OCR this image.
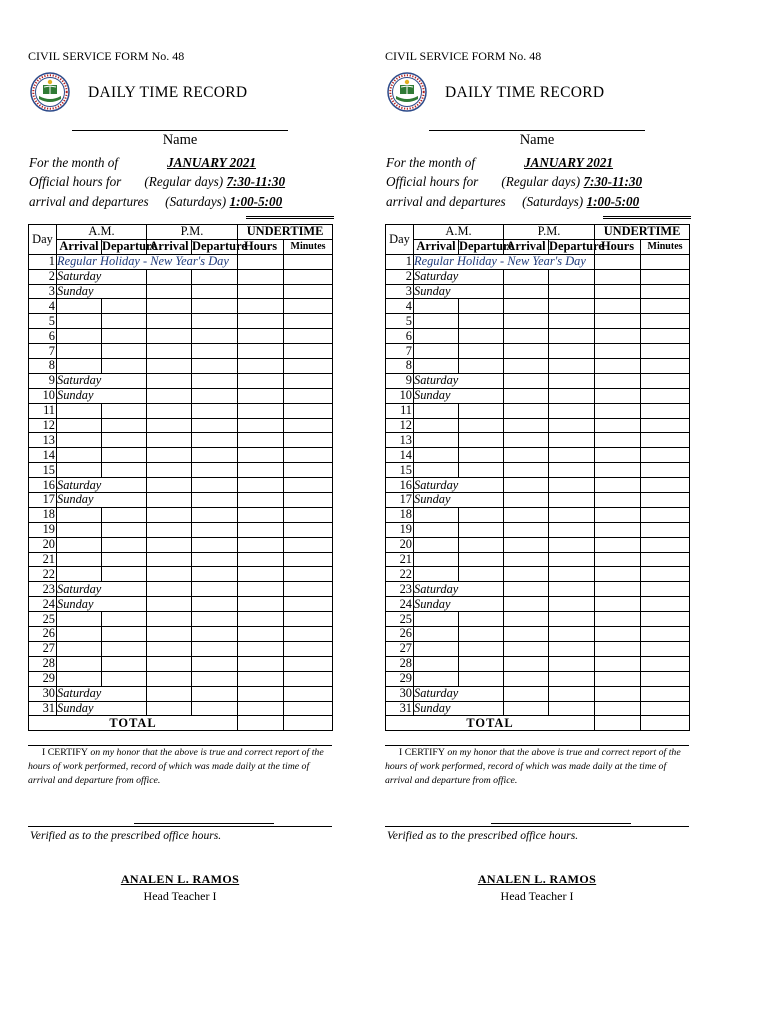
CIVIL SERVICE FORM No. 48
DAILY TIME RECORD
Name
For the month of	JANUARY 2021
Official hours for (Regular days) 7:30-11:30
arrival and departures (Saturdays) 1:00-5:00
Day	A.M.		P.M.		UNDERTIME	
	Arrival	Departure	Arrival	Departure	Hours	Minutes
1	Regular Holiday - New Year's Day					
2	Saturday					
3	Sunday					
4						
5						
6						
7						
8						
9	Saturday					
10	Sunday					
11						
12						
13						
14						
15						
16	Saturday					
17	Sunday					
18						
19						
20						
21						
22						
23	Saturday					
24	Sunday					
25						
26						
27						
28						
29						
30	Saturday					
31	Sunday					
TOTAL						
I CERTIFY on my honor that the above is true and correct report of the hours of work performed, record of which was made daily at the time of arrival and departure from office.
Verified as to the prescribed office hours.
ANALEN L. RAMOS
Head Teacher I
CIVIL SERVICE FORM No. 48
DAILY TIME RECORD
Name
For the month of	JANUARY 2021
Official hours for (Regular days) 7:30-11:30
arrival and departures (Saturdays) 1:00-5:00
Day	A.M.		P.M.		UNDERTIME	
	Arrival	Departure	Arrival	Departure	Hours	Minutes
1	Regular Holiday - New Year's Day					
2	Saturday					
3	Sunday					
4						
5						
6						
7						
8						
9	Saturday					
10	Sunday					
11						
12						
13						
14						
15						
16	Saturday					
17	Sunday					
18						
19						
20						
21						
22						
23	Saturday					
24	Sunday					
25						
26						
27						
28						
29						
30	Saturday					
31	Sunday					
TOTAL						
I CERTIFY on my honor that the above is true and correct report of the hours of work performed, record of which was made daily at the time of arrival and departure from office.
Verified as to the prescribed office hours.
ANALEN L. RAMOS
Head Teacher I
